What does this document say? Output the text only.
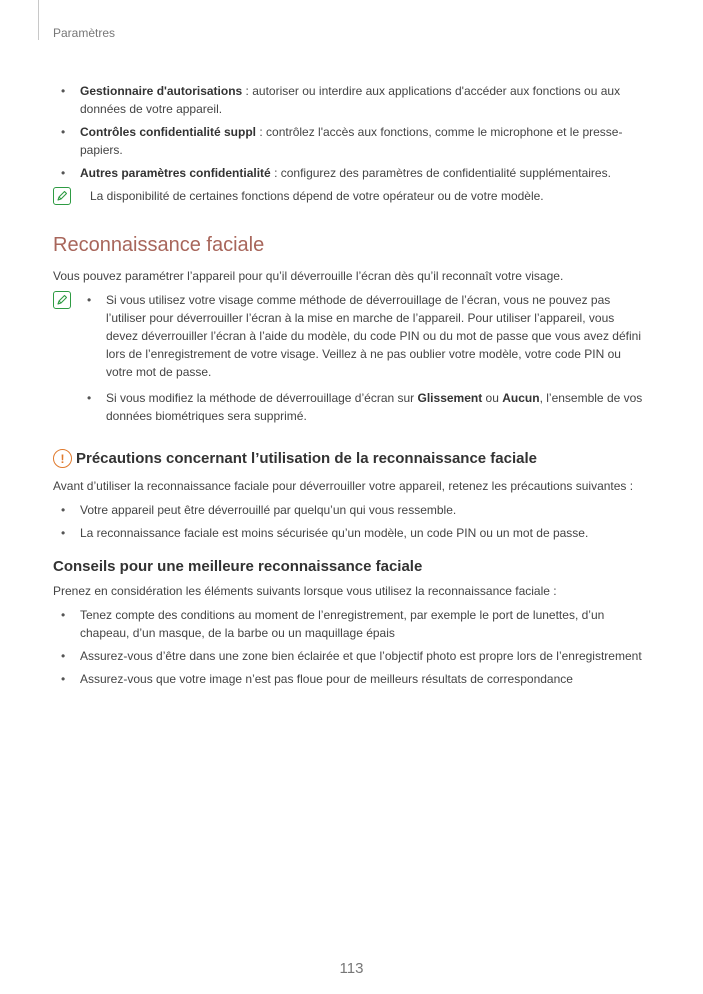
Paramètres
• Gestionnaire d'autorisations : autoriser ou interdire aux applications d'accéder aux fonctions ou aux données de votre appareil.
• Contrôles confidentialité suppl : contrôlez l'accès aux fonctions, comme le microphone et le presse-papiers.
• Autres paramètres confidentialité : configurez des paramètres de confidentialité supplémentaires.
La disponibilité de certaines fonctions dépend de votre opérateur ou de votre modèle.
Reconnaissance faciale

Vous pouvez paramétrer l’appareil pour qu’il déverrouille l’écran dès qu’il reconnaît votre visage.

• Si vous utilisez votre visage comme méthode de déverrouillage de l’écran, vous ne pouvez pas l’utiliser pour déverrouiller l’écran à la mise en marche de l’appareil. Pour utiliser l’appareil, vous devez déverrouiller l’écran à l’aide du modèle, du code PIN ou du mot de passe que vous avez défini lors de l’enregistrement de votre visage. Veillez à ne pas oublier votre modèle, votre code PIN ou votre mot de passe.
• Si vous modifiez la méthode de déverrouillage d’écran sur Glissement ou Aucun, l’ensemble de vos données biométriques sera supprimé.
! Précautions concernant l’utilisation de la reconnaissance faciale

Avant d’utiliser la reconnaissance faciale pour déverrouiller votre appareil, retenez les précautions suivantes :

• Votre appareil peut être déverrouillé par quelqu’un qui vous ressemble.
• La reconnaissance faciale est moins sécurisée qu’un modèle, un code PIN ou un mot de passe.
Conseils pour une meilleure reconnaissance faciale

Prenez en considération les éléments suivants lorsque vous utilisez la reconnaissance faciale :

• Tenez compte des conditions au moment de l’enregistrement, par exemple le port de lunettes, d’un chapeau, d’un masque, de la barbe ou un maquillage épais
• Assurez-vous d’être dans une zone bien éclairée et que l’objectif photo est propre lors de l’enregistrement
• Assurez-vous que votre image n’est pas floue pour de meilleurs résultats de correspondance
113
